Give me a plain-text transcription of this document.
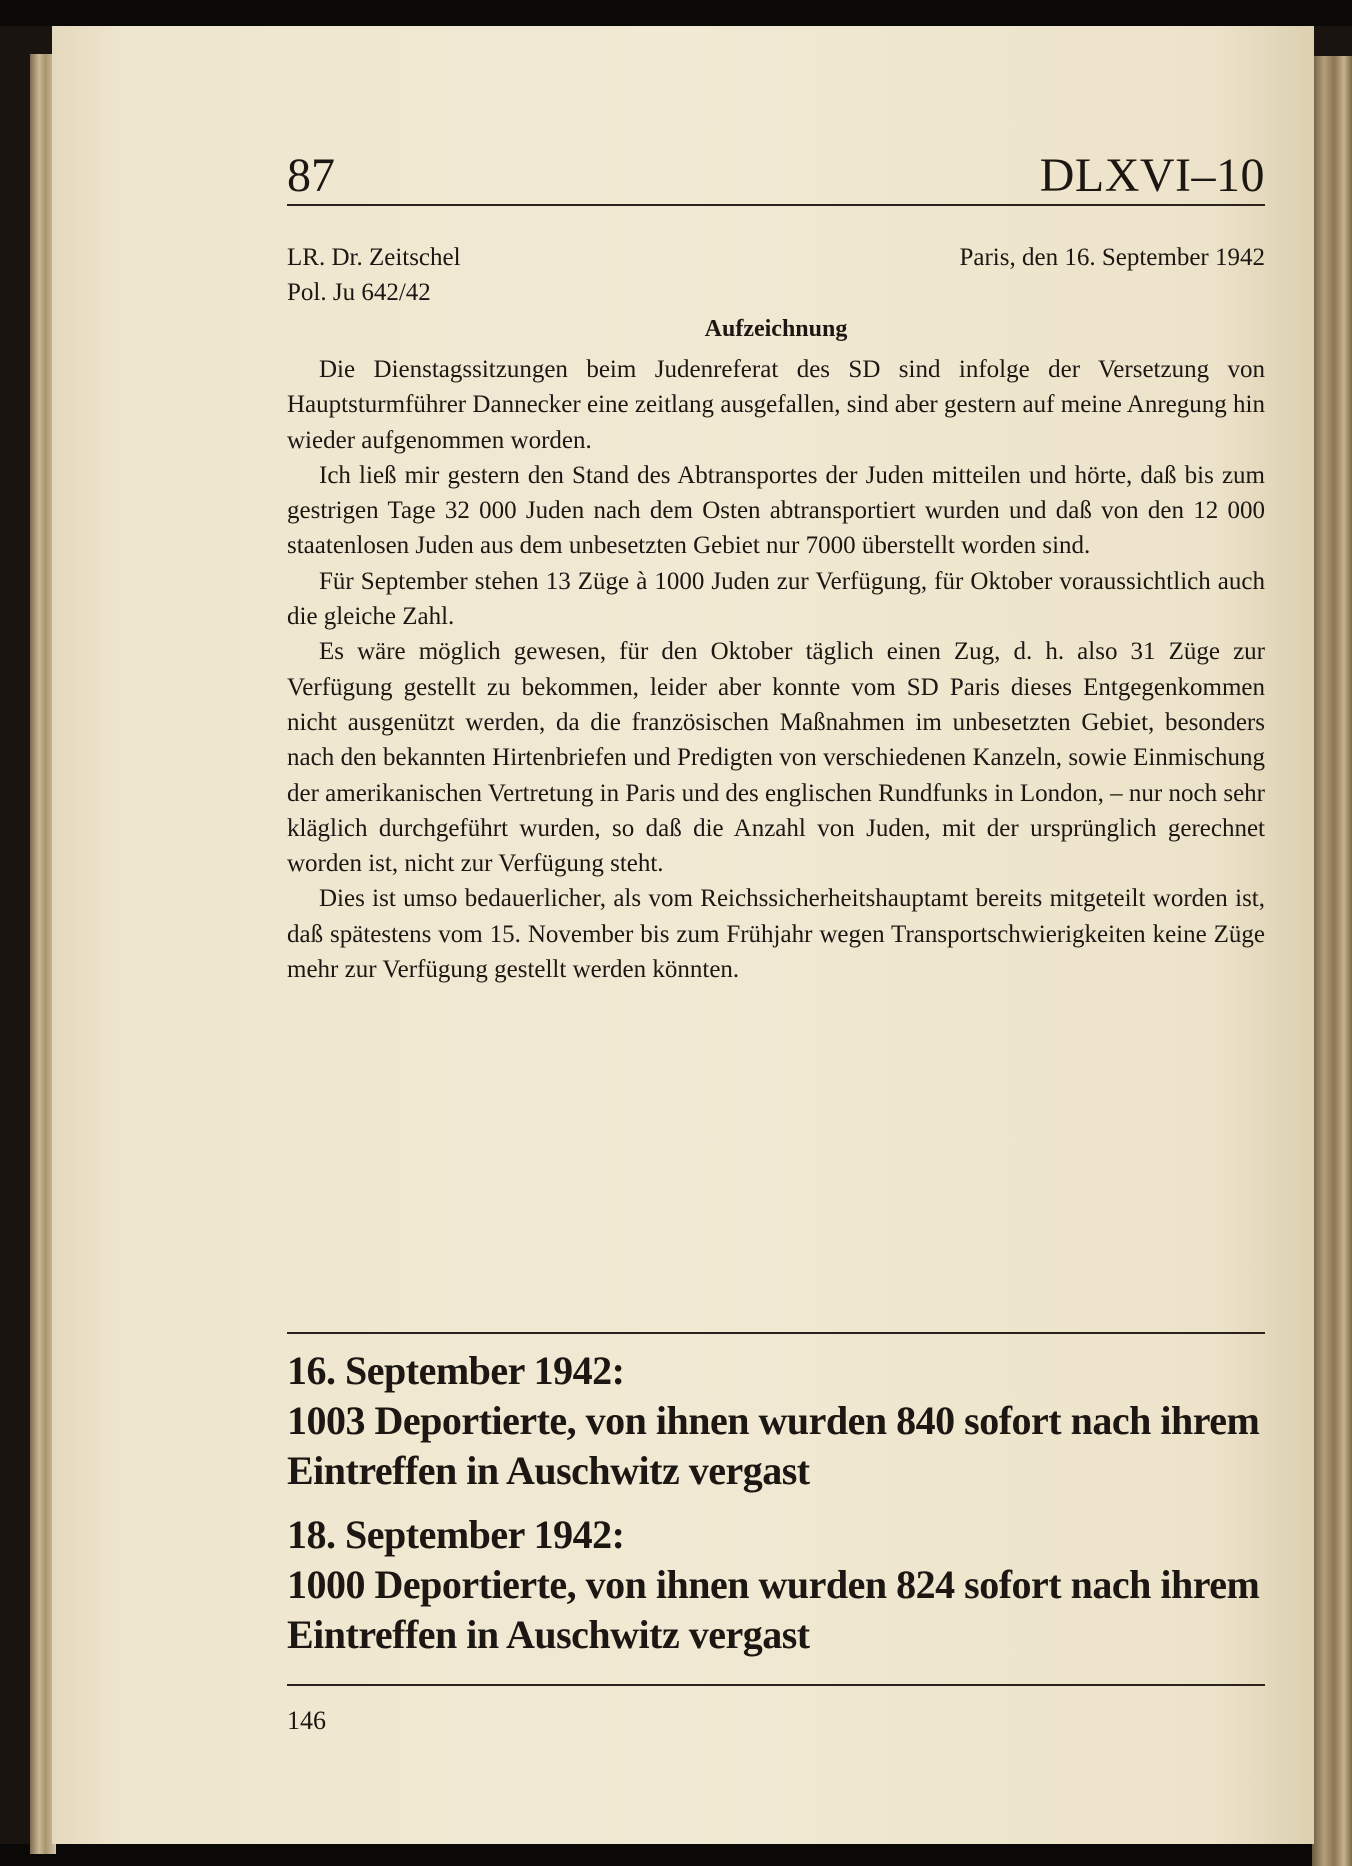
87	DLXVI–10
LR. Dr. Zeitschel	Paris, den 16. September 1942
Pol. Ju 642/42
Aufzeichnung

Die Dienstagssitzungen beim Judenreferat des SD sind infolge der Versetzung von Hauptsturmführer Dannecker eine zeitlang ausgefallen, sind aber gestern auf meine Anregung hin wieder aufgenommen worden.

Ich ließ mir gestern den Stand des Abtransportes der Juden mitteilen und hörte, daß bis zum gestrigen Tage 32 000 Juden nach dem Osten abtransportiert wurden und daß von den 12 000 staatenlosen Juden aus dem unbesetzten Gebiet nur 7000 überstellt worden sind.

Für September stehen 13 Züge à 1000 Juden zur Verfügung, für Oktober voraussichtlich auch die gleiche Zahl.

Es wäre möglich gewesen, für den Oktober täglich einen Zug, d. h. also 31 Züge zur Verfügung gestellt zu bekommen, leider aber konnte vom SD Paris dieses Entgegenkommen nicht ausgenützt werden, da die französischen Maßnahmen im unbesetzten Gebiet, besonders nach den bekannten Hirtenbriefen und Predigten von verschiedenen Kanzeln, sowie Einmischung der amerikanischen Vertretung in Paris und des englischen Rundfunks in London, – nur noch sehr kläglich durchgeführt wurden, so daß die Anzahl von Juden, mit der ursprünglich gerechnet worden ist, nicht zur Verfügung steht.

Dies ist umso bedauerlicher, als vom Reichssicherheitshauptamt bereits mitgeteilt worden ist, daß spätestens vom 15. November bis zum Frühjahr wegen Transportschwierigkeiten keine Züge mehr zur Verfügung gestellt werden könnten.

16. September 1942:
1003 Deportierte, von ihnen wurden 840 sofort nach ihrem Eintreffen in Auschwitz vergast
18. September 1942:
1000 Deportierte, von ihnen wurden 824 sofort nach ihrem Eintreffen in Auschwitz vergast
146
